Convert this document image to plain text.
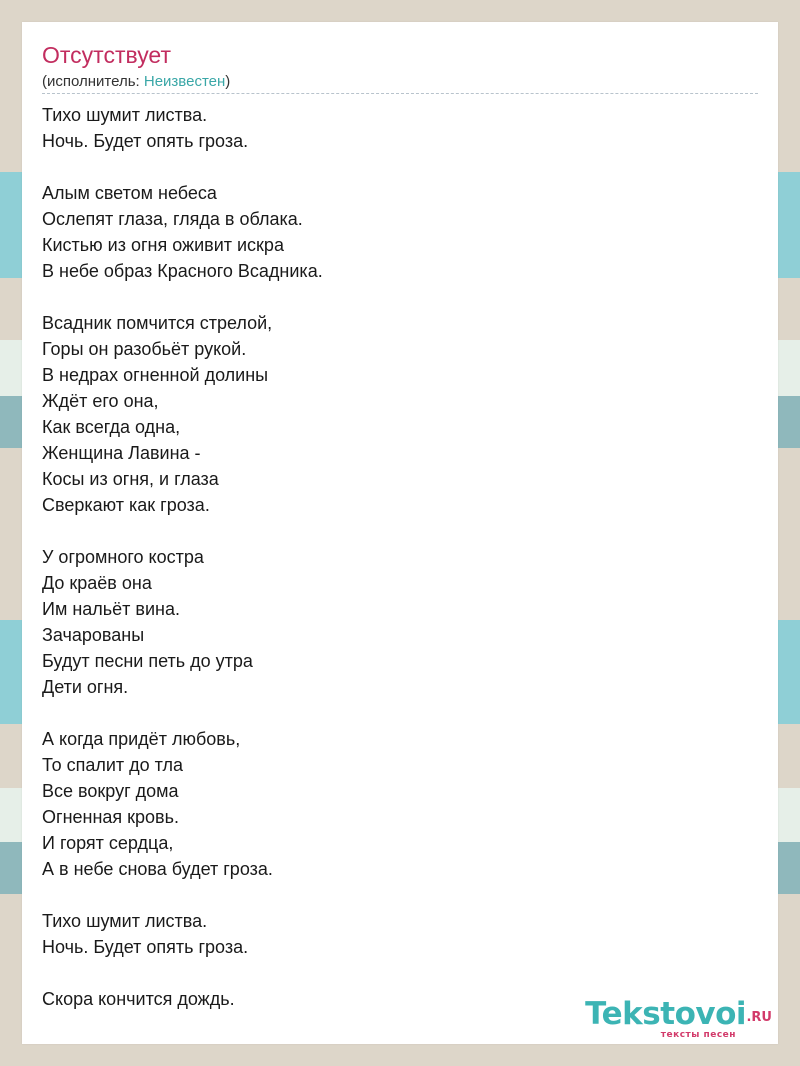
Отсутствует
(исполнитель: Неизвестен)
Тихо шумит листва.
Ночь. Будет опять гроза.
Алым светом небеса
Ослепят глаза, гляда в облака.
Кистью из огня оживит искра
В небе образ Красного Всадника.
Всадник помчится стрелой,
Горы он разобьёт рукой.
В недрах огненной долины
Ждёт его она,
Как всегда одна,
Женщина Лавина -
Косы из огня, и глаза
Сверкают как гроза.
У огромного костра
До краёв она
Им нальёт вина.
Зачарованы
Будут песни петь до утра
Дети огня.
А когда придёт любовь,
То спалит до тла
Все вокруг дома
Огненная кровь.
И горят сердца,
А в небе снова будет гроза.
Тихо шумит листва.
Ночь. Будет опять гроза.
Скора кончится дождь.	Tekstovoi .RU
тексты песен
